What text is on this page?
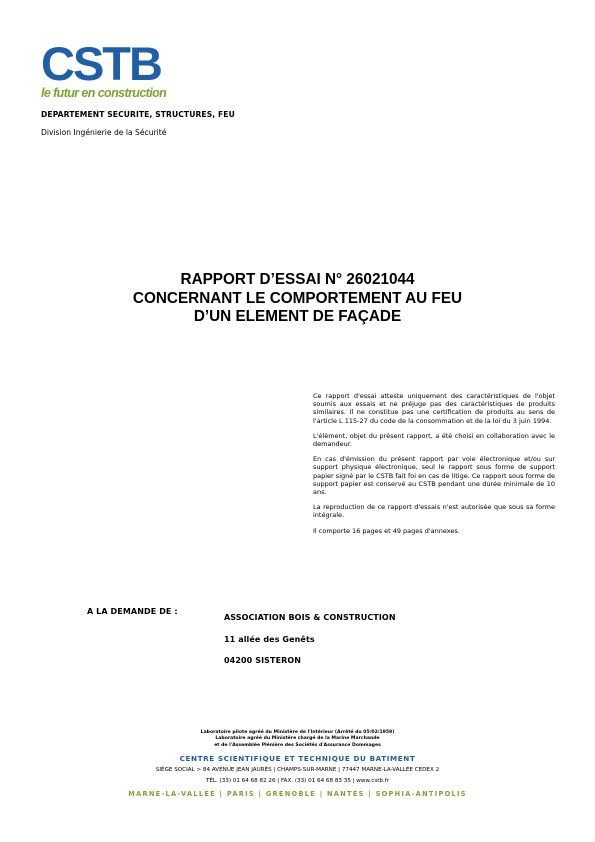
CSTB
le futur en construction
DEPARTEMENT SECURITE, STRUCTURES, FEU
Division Ingénierie de la Sécurité
RAPPORT D’ESSAI N° 26021044
CONCERNANT LE COMPORTEMENT AU FEU
D’UN ELEMENT DE FAÇADE

Ce rapport d'essai atteste uniquement des caractéristiques de l'objet soumis aux essais et ne préjuge pas des caractéristiques de produits similaires. Il ne constitue pas une certification de produits au sens de l'article L 115-27 du code de la consommation et de la loi du 3 juin 1994.

L'élément, objet du présent rapport, a été choisi en collaboration avec le demandeur.

En cas d'émission du présent rapport par voie électronique et/ou sur support physique électronique, seul le rapport sous forme de support papier signé par le CSTB fait foi en cas de litige. Ce rapport sous forme de support papier est conservé au CSTB pendant une durée minimale de 10 ans.

La reproduction de ce rapport d'essais n'est autorisée que sous sa forme intégrale.

Il comporte 16 pages et 49 pages d'annexes.

A LA DEMANDE DE :
ASSOCIATION BOIS & CONSTRUCTION
11 allée des Genêts
04200 SISTERON
Laboratoire pilote agréé du Ministère de l'Intérieur (Arrêté du 05/02/1959)
Laboratoire agréé du Ministère chargé de la Marine Marchande
et de l'Assemblée Plénière des Sociétés d'Assurance Dommages
CENTRE SCIENTIFIQUE ET TECHNIQUE DU BATIMENT
SIÈGE SOCIAL > 84 AVENUE JEAN JAURÈS | CHAMPS-SUR-MARNE | 77447 MARNE-LA-VALLÉE CEDEX 2
TÉL. (33) 01 64 68 82 26 | FAX. (33) 01 64 68 83 35 | www.cstb.fr
MARNE-LA-VALLÉE | PARIS | GRENOBLE | NANTES | SOPHIA-ANTIPOLIS
